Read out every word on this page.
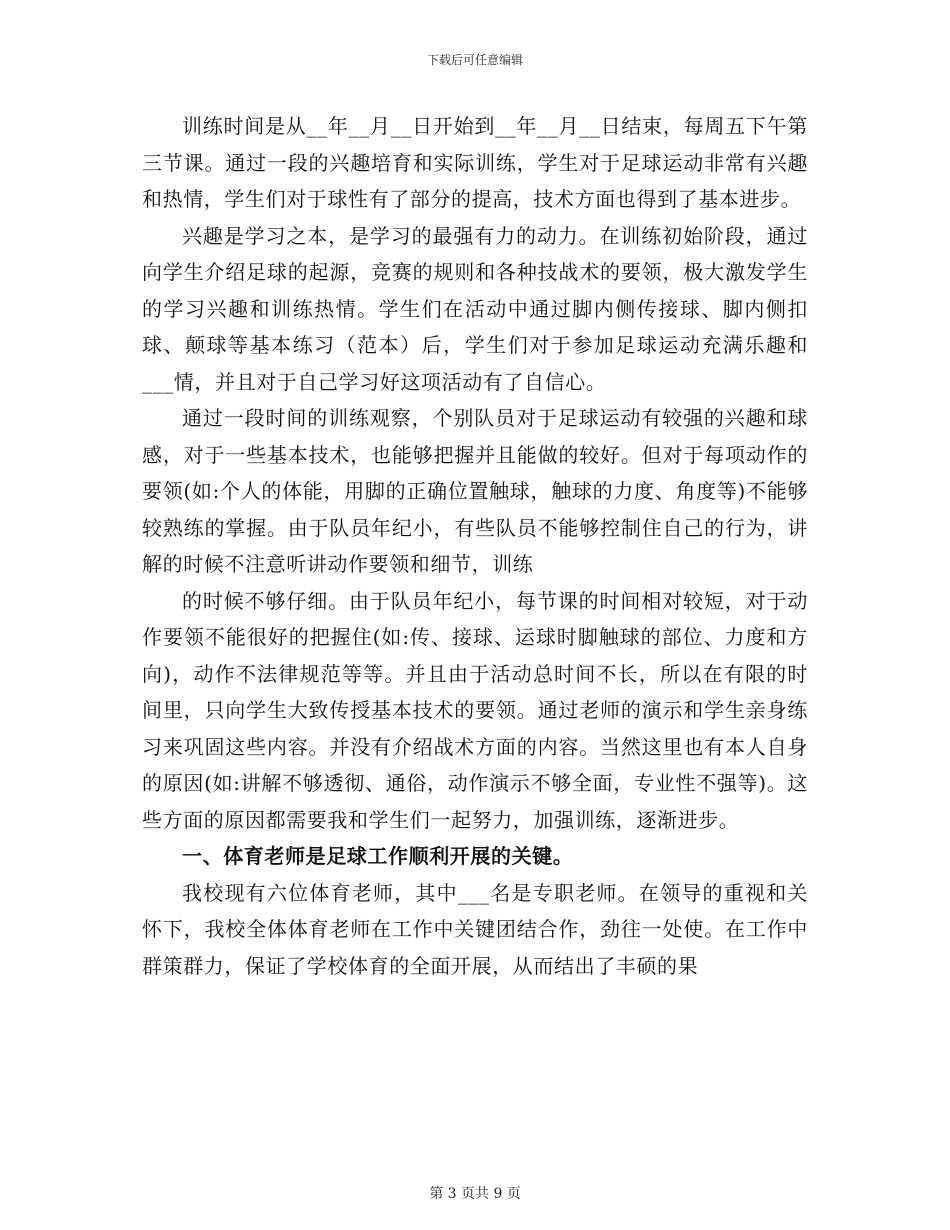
下载后可任意编辑

训练时间是从__年__月__日开始到__年__月__日结束，每周五下午第三节课。通过一段的兴趣培育和实际训练，学生对于足球运动非常有兴趣和热情，学生们对于球性有了部分的提高，技术方面也得到了基本进步。

兴趣是学习之本，是学习的最强有力的动力。在训练初始阶段，通过向学生介绍足球的起源，竞赛的规则和各种技战术的要领，极大激发学生的学习兴趣和训练热情。学生们在活动中通过脚内侧传接球、脚内侧扣球、颠球等基本练习（范本）后，学生们对于参加足球运动充满乐趣和___情，并且对于自己学习好这项活动有了自信心。

通过一段时间的训练观察，个别队员对于足球运动有较强的兴趣和球感，对于一些基本技术，也能够把握并且能做的较好。但对于每项动作的要领(如:个人的体能，用脚的正确位置触球，触球的力度、角度等)不能够较熟练的掌握。由于队员年纪小，有些队员不能够控制住自己的行为，讲解的时候不注意听讲动作要领和细节，训练

的时候不够仔细。由于队员年纪小，每节课的时间相对较短，对于动作要领不能很好的把握住(如:传、接球、运球时脚触球的部位、力度和方向)，动作不法律规范等等。并且由于活动总时间不长，所以在有限的时间里，只向学生大致传授基本技术的要领。通过老师的演示和学生亲身练习来巩固这些内容。并没有介绍战术方面的内容。当然这里也有本人自身的原因(如:讲解不够透彻、通俗，动作演示不够全面，专业性不强等)。这些方面的原因都需要我和学生们一起努力，加强训练，逐渐进步。

一、体育老师是足球工作顺利开展的关键。

我校现有六位体育老师，其中___名是专职老师。在领导的重视和关怀下，我校全体体育老师在工作中关键团结合作，劲往一处使。在工作中群策群力，保证了学校体育的全面开展，从而结出了丰硕的果

第 3 页共 9 页
